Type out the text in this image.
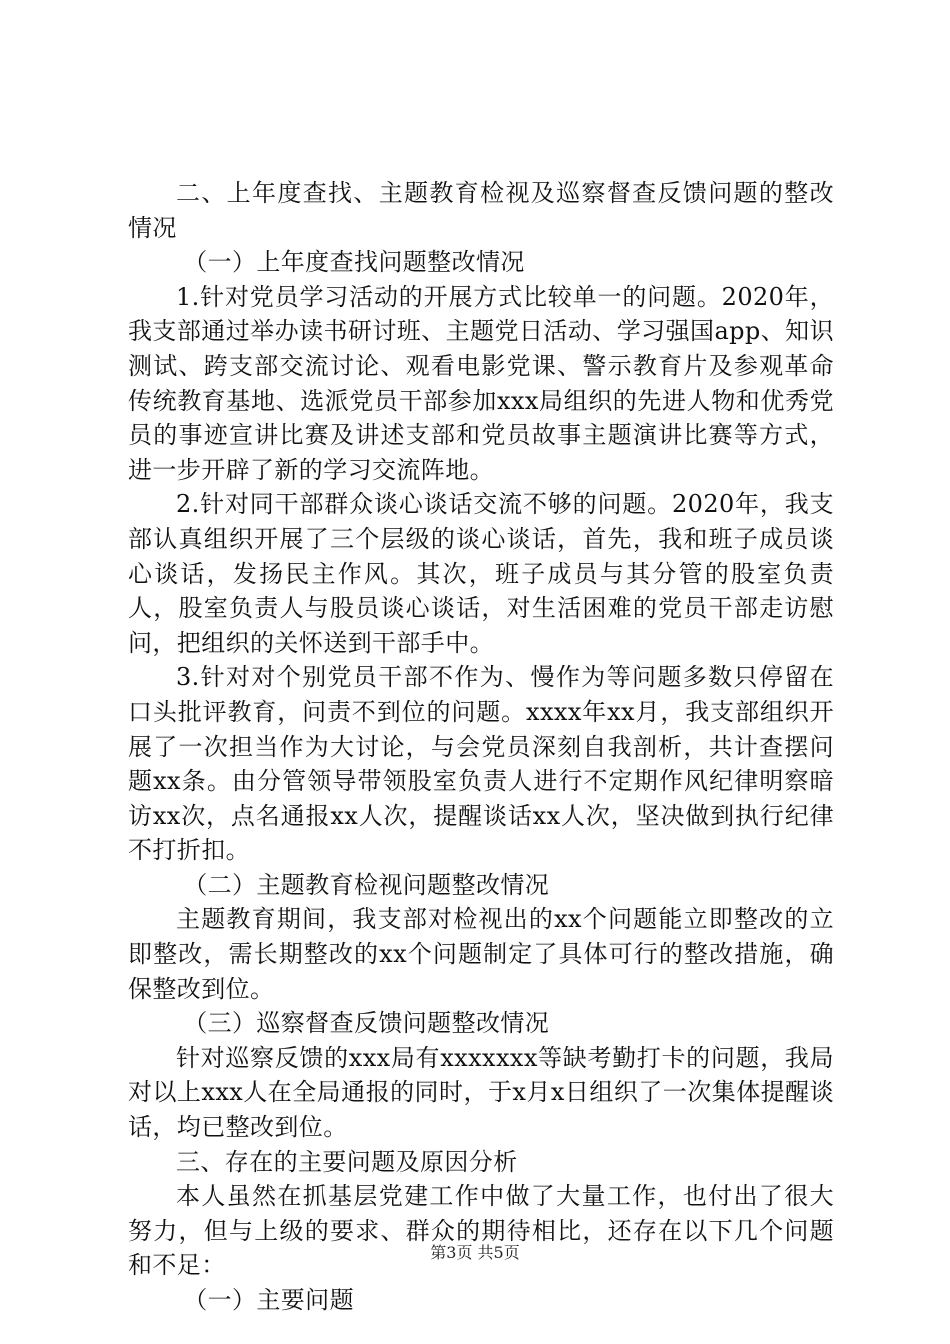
二、上年度查找、主题教育检视及巡察督查反馈问题的整改情况

（一）上年度查找问题整改情况

1.针对党员学习活动的开展方式比较单一的问题。2020年，我支部通过举办读书研讨班、主题党日活动、学习强国app、知识测试、跨支部交流讨论、观看电影党课、警示教育片及参观革命传统教育基地、选派党员干部参加xxx局组织的先进人物和优秀党员的事迹宣讲比赛及讲述支部和党员故事主题演讲比赛等方式，进一步开辟了新的学习交流阵地。

2.针对同干部群众谈心谈话交流不够的问题。2020年，我支部认真组织开展了三个层级的谈心谈话，首先，我和班子成员谈心谈话，发扬民主作风。其次，班子成员与其分管的股室负责人，股室负责人与股员谈心谈话，对生活困难的党员干部走访慰问，把组织的关怀送到干部手中。

3.针对对个别党员干部不作为、慢作为等问题多数只停留在口头批评教育，问责不到位的问题。xxxx年xx月，我支部组织开展了一次担当作为大讨论，与会党员深刻自我剖析，共计查摆问题xx条。由分管领导带领股室负责人进行不定期作风纪律明察暗访xx次，点名通报xx人次，提醒谈话xx人次，坚决做到执行纪律不打折扣。

（二）主题教育检视问题整改情况

主题教育期间，我支部对检视出的xx个问题能立即整改的立即整改，需长期整改的xx个问题制定了具体可行的整改措施，确保整改到位。

（三）巡察督查反馈问题整改情况

针对巡察反馈的xxx局有xxxxxxx等缺考勤打卡的问题，我局对以上xxx人在全局通报的同时，于x月x日组织了一次集体提醒谈话，均已整改到位。

三、存在的主要问题及原因分析

本人虽然在抓基层党建工作中做了大量工作，也付出了很大努力，但与上级的要求、群众的期待相比，还存在以下几个问题和不足：

（一）主要问题

第3页 共5页
